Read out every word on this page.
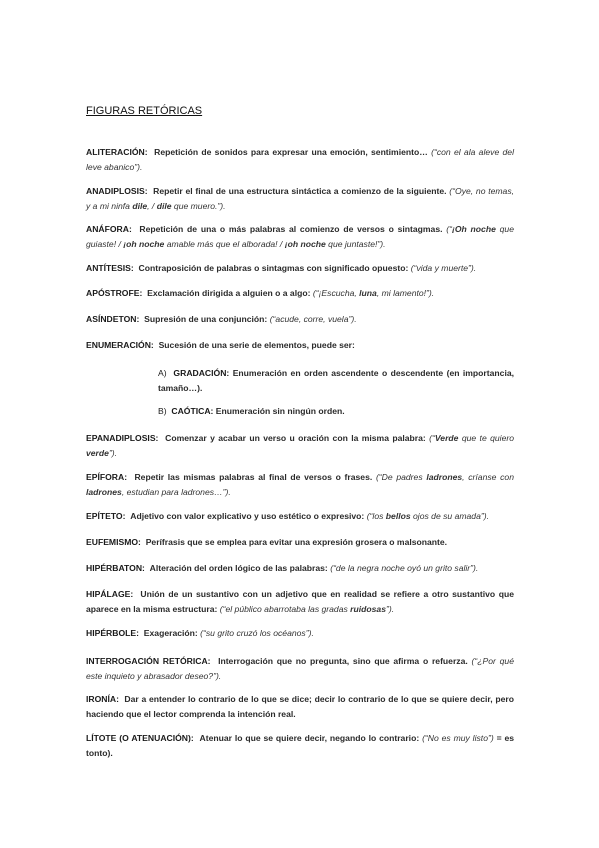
FIGURAS RETÓRICAS
ALITERACIÓN: Repetición de sonidos para expresar una emoción, sentimiento… (“con el ala aleve del leve abanico”).
ANADIPLOSIS: Repetir el final de una estructura sintáctica a comienzo de la siguiente. (“Oye, no temas, y a mi ninfa dile, / dile que muero.”).
ANÁFORA: Repetición de una o más palabras al comienzo de versos o sintagmas. (“¡Oh noche que guiaste! / ¡oh noche amable más que el alborada! / ¡oh noche que juntaste!”).
ANTÍTESIS: Contraposición de palabras o sintagmas con significado opuesto: (“vida y muerte”).
APÓSTROFE: Exclamación dirigida a alguien o a algo: (“¡Escucha, luna, mi lamento!”).
ASÍNDETON: Supresión de una conjunción: (“acude, corre, vuela”).
ENUMERACIÓN: Sucesión de una serie de elementos, puede ser:
A) GRADACIÓN: Enumeración en orden ascendente o descendente (en importancia, tamaño…).
B) CAÓTICA: Enumeración sin ningún orden.
EPANADIPLOSIS: Comenzar y acabar un verso u oración con la misma palabra: (“Verde que te quiero verde”).
EPÍFORA: Repetir las mismas palabras al final de versos o frases. (“De padres ladrones, críanse con ladrones, estudian para ladrones…”).
EPÍTETO: Adjetivo con valor explicativo y uso estético o expresivo: (“los bellos ojos de su amada”).
EUFEMISMO: Perífrasis que se emplea para evitar una expresión grosera o malsonante.
HIPÉRBATON: Alteración del orden lógico de las palabras: (“de la negra noche oyó un grito salir”).
HIPÁLAGE: Unión de un sustantivo con un adjetivo que en realidad se refiere a otro sustantivo que aparece en la misma estructura: (“el público abarrotaba las gradas ruidosas”).
HIPÉRBOLE: Exageración: (“su grito cruzó los océanos”).
INTERROGACIÓN RETÓRICA: Interrogación que no pregunta, sino que afirma o refuerza. (“¿Por qué este inquieto y abrasador deseo?”).
IRONÍA: Dar a entender lo contrario de lo que se dice; decir lo contrario de lo que se quiere decir, pero haciendo que el lector comprenda la intención real.
LÍTOTE (O ATENUACIÓN): Atenuar lo que se quiere decir, negando lo contrario: (“No es muy listo”) = es tonto).
